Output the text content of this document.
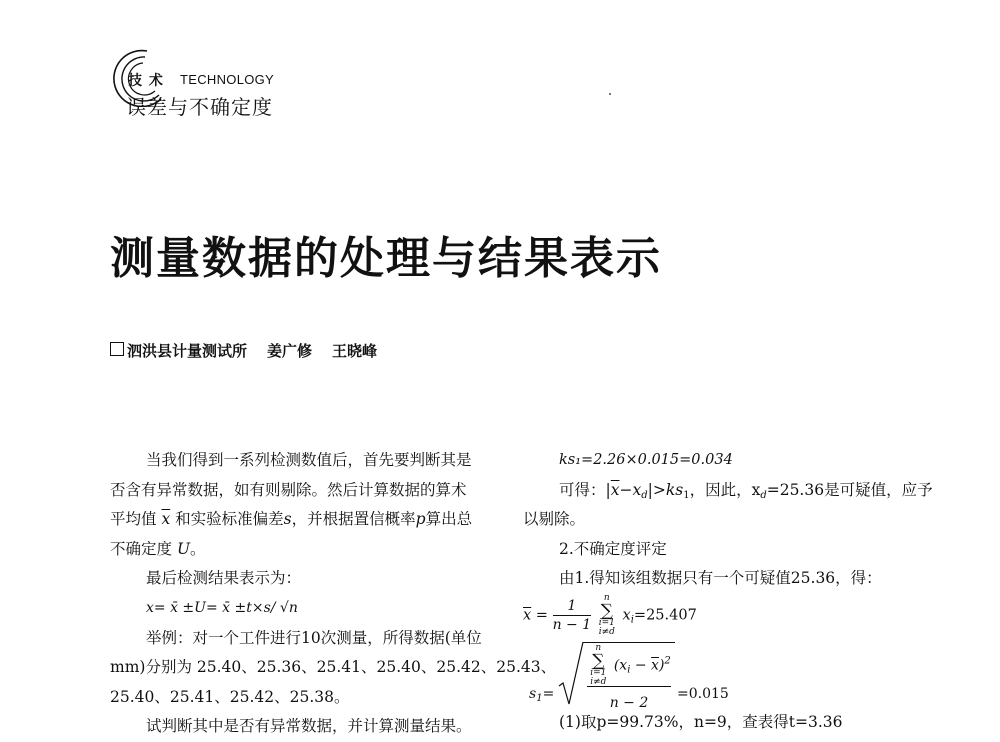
技 术 TECHNOLOGY
误差与不确定度
测量数据的处理与结果表示
泗洪县计量测试所 姜广修 王晓峰
当我们得到一系列检测数值后，首先要判断其是
否含有异常数据，如有则剔除。然后计算数据的算术
平均值 $\overline{x}$ 和实验标准偏差s，并根据置信概率p算出总
不确定度 U。
最后检测结果表示为：
x= x̄ ±U= x̄ ±t×s/ √n
举例：对一个工件进行10次测量，所得数据(单位
mm)分别为 25.40、25.36、25.41、25.40、25.42、25.43、
25.40、25.41、25.42、25.38。
试判断其中是否有异常数据，并计算测量结果。
ks₁=2.26×0.015=0.034
可得：$|\overline{x}-x_d|>ks_1$，因此，$x_d=25.36$是可疑值，应予
以剔除。
2.不确定度评定
由1.得知该组数据只有一个可疑值25.36，得：
$\overline{x} = \frac{1}{n - 1}$
	n
∑
i=1
i≠d
$x_i=25.407$
$s_1=$
n
∑
i=1
i≠d
$(x_i - \overline{x})^2$
n − 2
=0.015
(1)取p=99.73%，n=9，查表得t=3.36
